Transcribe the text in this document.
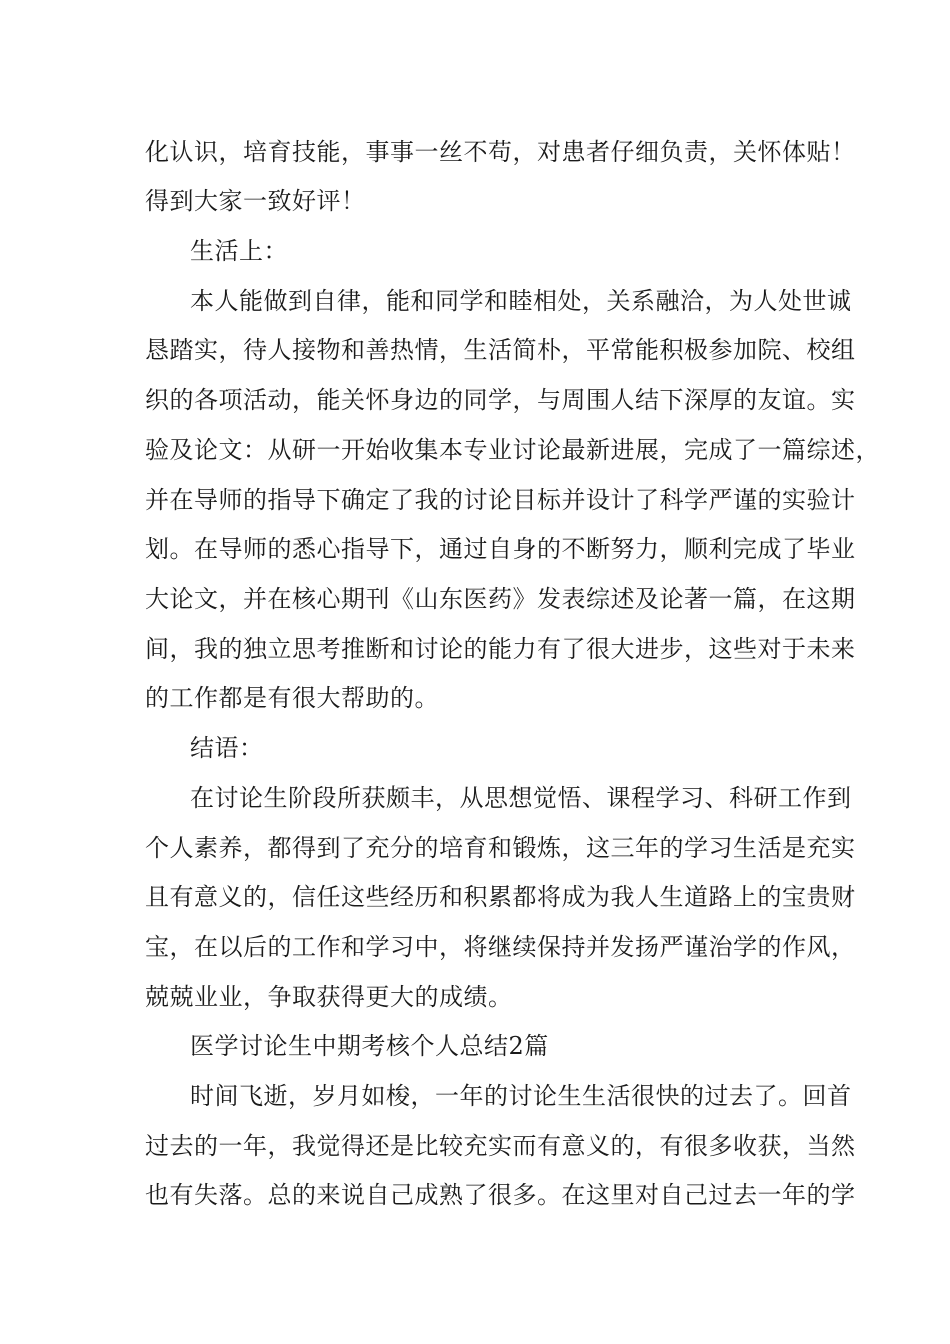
化认识，培育技能，事事一丝不苟，对患者仔细负责，关怀体贴！
得到大家一致好评！
生活上：
本人能做到自律，能和同学和睦相处，关系融洽，为人处世诚
恳踏实，待人接物和善热情，生活简朴，平常能积极参加院、校组
织的各项活动，能关怀身边的同学，与周围人结下深厚的友谊。实
验及论文：从研一开始收集本专业讨论最新进展，完成了一篇综述，
并在导师的指导下确定了我的讨论目标并设计了科学严谨的实验计
划。在导师的悉心指导下，通过自身的不断努力，顺利完成了毕业
大论文，并在核心期刊《山东医药》发表综述及论著一篇，在这期
间，我的独立思考推断和讨论的能力有了很大进步，这些对于未来
的工作都是有很大帮助的。
结语：
在讨论生阶段所获颇丰，从思想觉悟、课程学习、科研工作到
个人素养，都得到了充分的培育和锻炼，这三年的学习生活是充实
且有意义的，信任这些经历和积累都将成为我人生道路上的宝贵财
宝，在以后的工作和学习中，将继续保持并发扬严谨治学的作风，
兢兢业业，争取获得更大的成绩。
医学讨论生中期考核个人总结2篇
时间飞逝，岁月如梭，一年的讨论生生活很快的过去了。回首
过去的一年，我觉得还是比较充实而有意义的，有很多收获，当然
也有失落。总的来说自己成熟了很多。在这里对自己过去一年的学
